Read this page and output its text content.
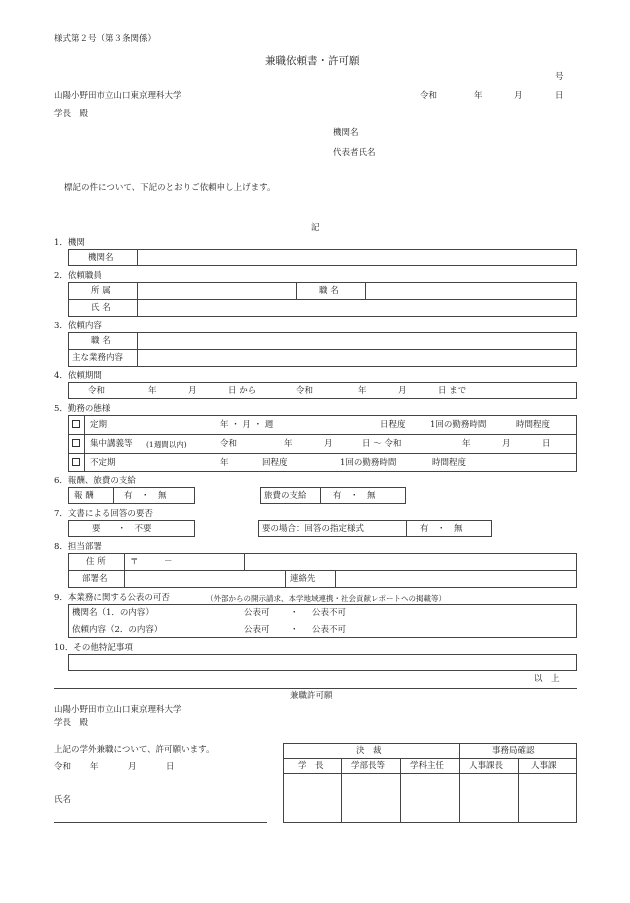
様式第２号（第３条関係）
兼職依頼書・許可願
号
山陽小野田市立山口東京理科大学	令和	年	月	日
学長　殿
機関名
代表者氏名
標記の件について、下記のとおりご依頼申し上げます。
記
1．機関
機関名
2．依頼職員
所 属	職 名
氏 名
3．依頼内容
職 名
主な業務内容
4．依頼期間
令和	年	月	日 から	令和	年	月	日 まで
5．勤務の態様
定期	年 ・ 月 ・ 週	日程度	1回の勤務時間	時間程度
集中講義等 (1週間以内)	令和	年	月	日 〜 令和	年	月	日
不定期	年	回程度	1回の勤務時間	時間程度
6．報酬、旅費の支給
報 酬	有　・　無	旅費の支給	有　・　無
7．文書による回答の要否
要　　・　不要	要の場合：回答の指定様式	有　・　無
8．担当部署
住 所	〒　　　－
部署名	連絡先
9．本業務に関する公表の可否	（外部からの開示請求、本学地域連携・社会貢献レポートへの掲載等）
機関名（1．の内容）	公表可 ・ 公表不可
依頼内容（2．の内容）	公表可 ・ 公表不可
10．その他特記事項
以　上
兼職許可願
山陽小野田市立山口東京理科大学
学長　殿
上記の学外兼職について、許可願います。
令和 年	月	日
氏名
決　裁	事務局確認
学　長	学部長等	学科主任	人事課長	人事課
